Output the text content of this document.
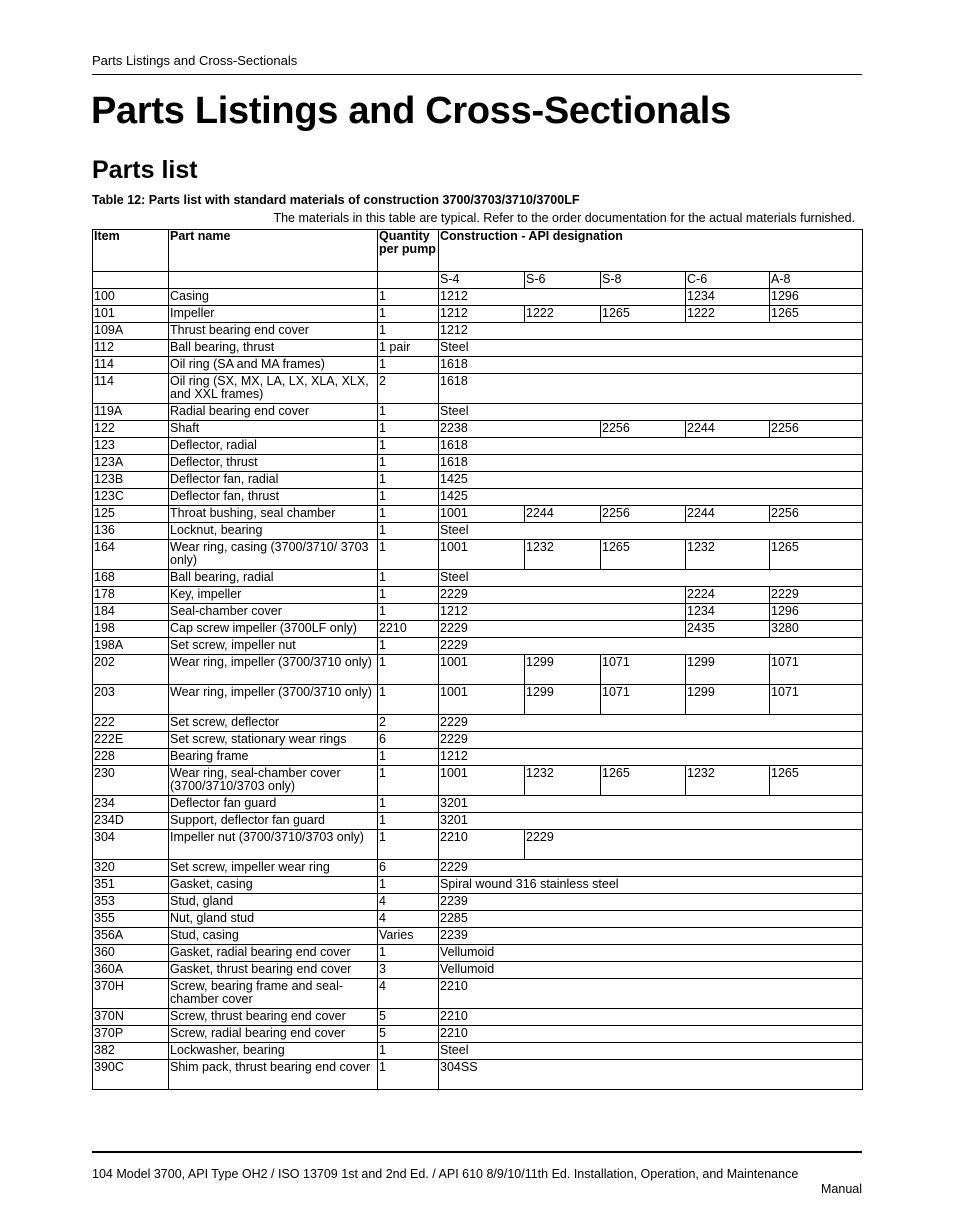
Parts Listings and Cross-Sectionals
Parts Listings and Cross-Sectionals
Parts list
Table 12: Parts list with standard materials of construction 3700/3703/3710/3700LF
The materials in this table are typical. Refer to the order documentation for the actual materials furnished.
Item	Part name	Quantity per pump	Construction - API designation				
			S-4	S-6	S-8	C-6	A-8
100	Casing	1	1212			1234	1296
101	Impeller	1	1212	1222	1265	1222	1265
109A	Thrust bearing end cover	1	1212				
112	Ball bearing, thrust	1 pair	Steel				
114	Oil ring (SA and MA frames)	1	1618				
114	Oil ring (SX, MX, LA, LX, XLA, XLX, and XXL frames)	2	1618				
119A	Radial bearing end cover	1	Steel				
122	Shaft	1	2238		2256	2244	2256
123	Deflector, radial	1	1618				
123A	Deflector, thrust	1	1618				
123B	Deflector fan, radial	1	1425				
123C	Deflector fan, thrust	1	1425				
125	Throat bushing, seal chamber	1	1001	2244	2256	2244	2256
136	Locknut, bearing	1	Steel				
164	Wear ring, casing (3700/3710/ 3703 only)	1	1001	1232	1265	1232	1265
168	Ball bearing, radial	1	Steel				
178	Key, impeller	1	2229			2224	2229
184	Seal-chamber cover	1	1212			1234	1296
198	Cap screw impeller (3700LF only)	2210	2229			2435	3280
198A	Set screw, impeller nut	1	2229				
202	Wear ring, impeller (3700/3710 only)	1	1001	1299	1071	1299	1071
203	Wear ring, impeller (3700/3710 only)	1	1001	1299	1071	1299	1071
222	Set screw, deflector	2	2229				
222E	Set screw, stationary wear rings	6	2229				
228	Bearing frame	1	1212				
230	Wear ring, seal-chamber cover (3700/3710/3703 only)	1	1001	1232	1265	1232	1265
234	Deflector fan guard	1	3201				
234D	Support, deflector fan guard	1	3201				
304	Impeller nut (3700/3710/3703 only)	1	2210	2229			
320	Set screw, impeller wear ring	6	2229				
351	Gasket, casing	1	Spiral wound 316 stainless steel				
353	Stud, gland	4	2239				
355	Nut, gland stud	4	2285				
356A	Stud, casing	Varies	2239				
360	Gasket, radial bearing end cover	1	Vellumoid				
360A	Gasket, thrust bearing end cover	3	Vellumoid				
370H	Screw, bearing frame and seal-chamber cover	4	2210				
370N	Screw, thrust bearing end cover	5	2210				
370P	Screw, radial bearing end cover	5	2210				
382	Lockwasher, bearing	1	Steel				
390C	Shim pack, thrust bearing end cover	1	304SS				
104 Model 3700, API Type OH2 / ISO 13709 1st and 2nd Ed. / API 610 8/9/10/11th Ed. Installation, Operation, and Maintenance
Manual
